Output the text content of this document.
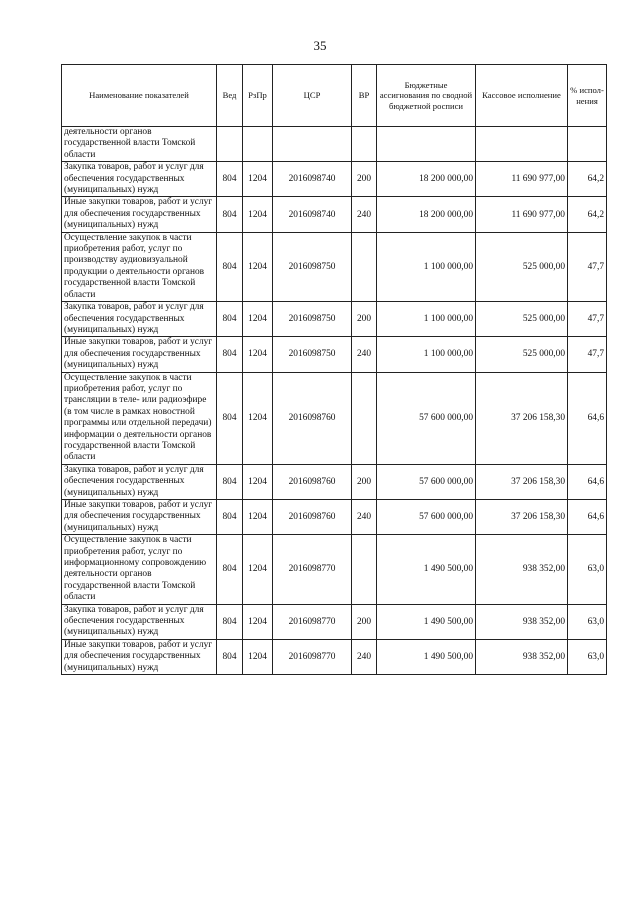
35
Наименование показателей	Вед	РзПр	ЦСР	ВР	Бюджетные ассигнования по сводной бюджетной росписи	Кассовое исполнение	% испол-нения
деятельности органов государственной власти Томской области							
Закупка товаров, работ и услуг для обеспечения государственных (муниципальных) нужд	804	1204	2016098740	200	18 200 000,00	11 690 977,00	64,2
Иные закупки товаров, работ и услуг для обеспечения государственных (муниципальных) нужд	804	1204	2016098740	240	18 200 000,00	11 690 977,00	64,2
Осуществление закупок в части приобретения работ, услуг по производству аудиовизуальной продукции о деятельности органов государственной власти Томской области	804	1204	2016098750		1 100 000,00	525 000,00	47,7
Закупка товаров, работ и услуг для обеспечения государственных (муниципальных) нужд	804	1204	2016098750	200	1 100 000,00	525 000,00	47,7
Иные закупки товаров, работ и услуг для обеспечения государственных (муниципальных) нужд	804	1204	2016098750	240	1 100 000,00	525 000,00	47,7
Осуществление закупок в части приобретения работ, услуг по трансляции в теле- или радиоэфире (в том числе в рамках новостной программы или отдельной передачи) информации о деятельности органов государственной власти Томской области	804	1204	2016098760		57 600 000,00	37 206 158,30	64,6
Закупка товаров, работ и услуг для обеспечения государственных (муниципальных) нужд	804	1204	2016098760	200	57 600 000,00	37 206 158,30	64,6
Иные закупки товаров, работ и услуг для обеспечения государственных (муниципальных) нужд	804	1204	2016098760	240	57 600 000,00	37 206 158,30	64,6
Осуществление закупок в части приобретения работ, услуг по информационному сопровождению деятельности органов государственной власти Томской области	804	1204	2016098770		1 490 500,00	938 352,00	63,0
Закупка товаров, работ и услуг для обеспечения государственных (муниципальных) нужд	804	1204	2016098770	200	1 490 500,00	938 352,00	63,0
Иные закупки товаров, работ и услуг для обеспечения государственных (муниципальных) нужд	804	1204	2016098770	240	1 490 500,00	938 352,00	63,0
